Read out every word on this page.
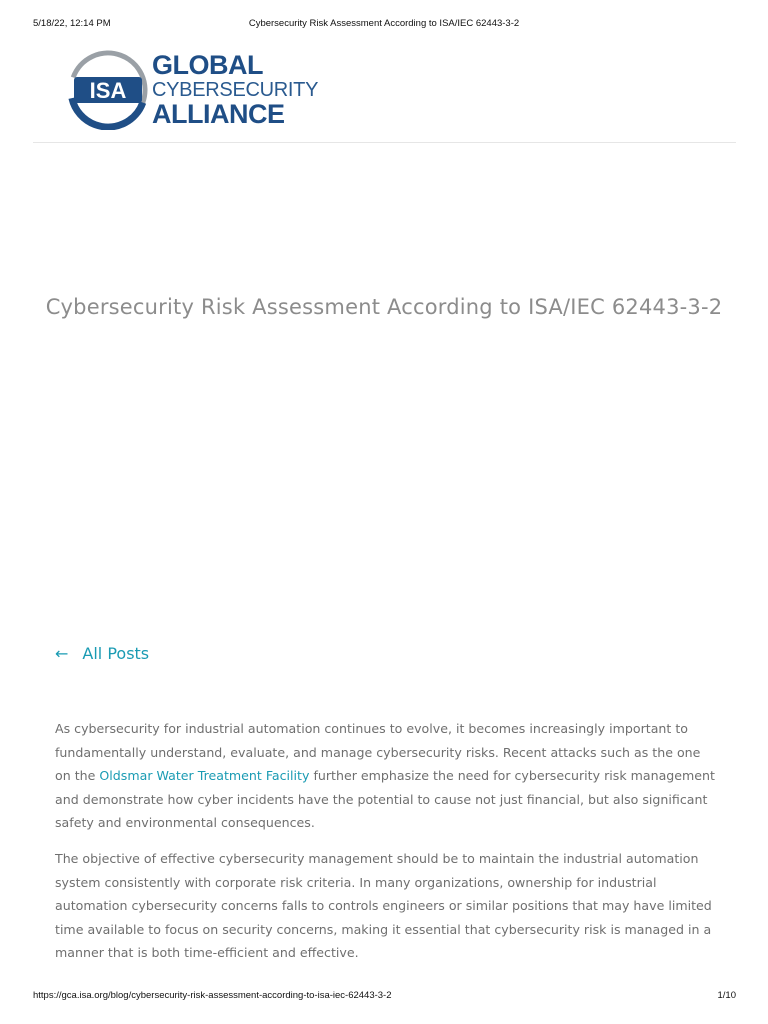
5/18/22, 12:14 PM	Cybersecurity Risk Assessment According to ISA/IEC 62443-3-2
ISA
GLOBAL
CYBERSECURITY
ALLIANCE
Cybersecurity Risk Assessment According to ISA/IEC 62443-3-2
← All Posts

As cybersecurity for industrial automation continues to evolve, it becomes increasingly important to fundamentally understand, evaluate, and manage cybersecurity risks. Recent attacks such as the one on the Oldsmar Water Treatment Facility further emphasize the need for cybersecurity risk management and demonstrate how cyber incidents have the potential to cause not just financial, but also significant safety and environmental consequences.

The objective of effective cybersecurity management should be to maintain the industrial automation system consistently with corporate risk criteria. In many organizations, ownership for industrial automation cybersecurity concerns falls to controls engineers or similar positions that may have limited time available to focus on security concerns, making it essential that cybersecurity risk is managed in a manner that is both time-efficient and effective.

https://gca.isa.org/blog/cybersecurity-risk-assessment-according-to-isa-iec-62443-3-2	1/10
